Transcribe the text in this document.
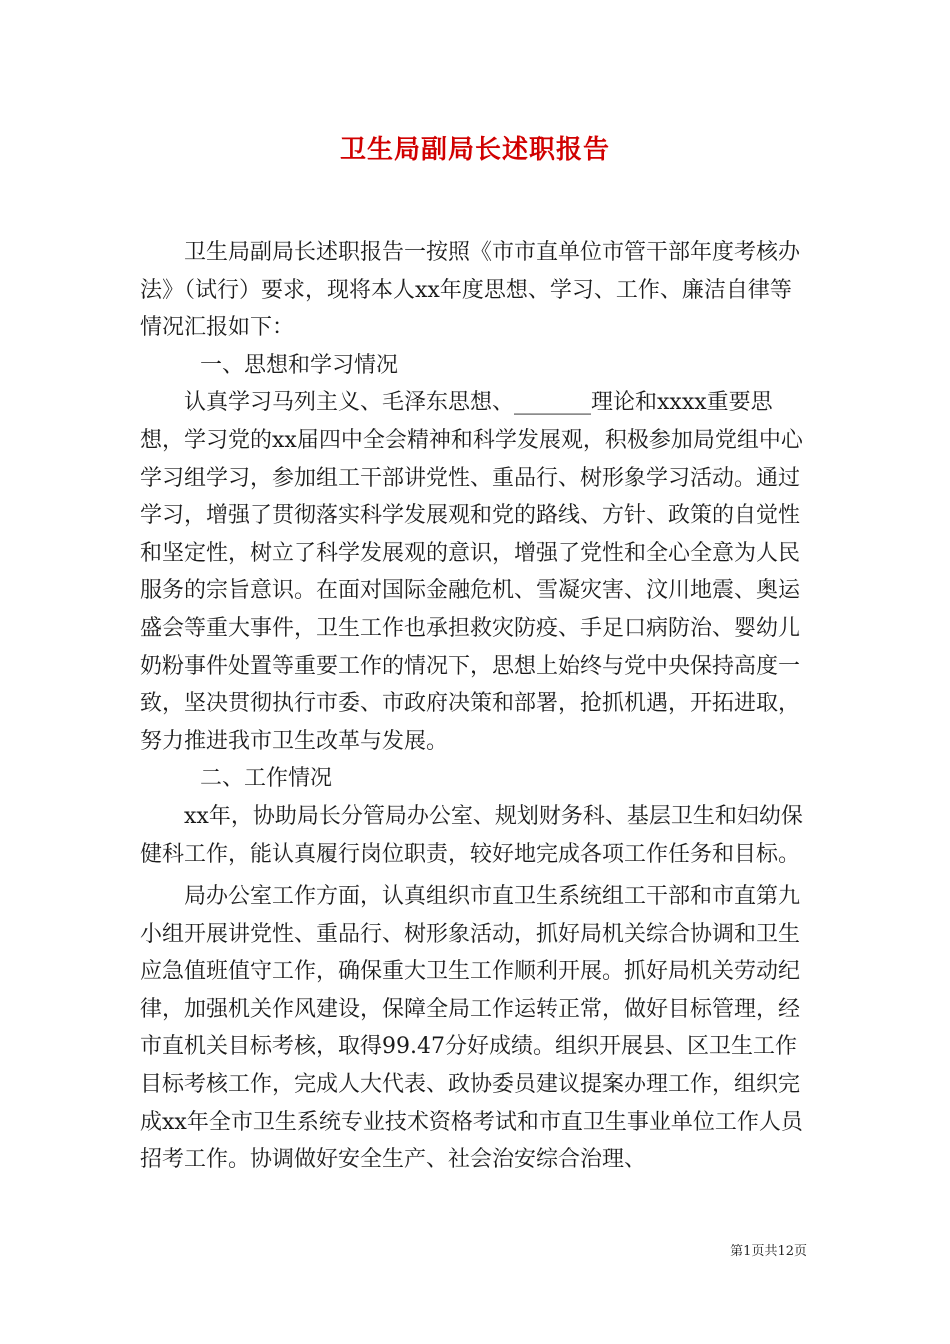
卫生局副局长述职报告

卫生局副局长述职报告一按照《市市直单位市管干部年度考核办法》（试行）要求，现将本人xx年度思想、学习、工作、廉洁自律等情况汇报如下：

一、思想和学习情况

认真学习马列主义、毛泽东思想、_______理论和xxxx重要思想，学习党的xx届四中全会精神和科学发展观，积极参加局党组中心学习组学习，参加组工干部讲党性、重品行、树形象学习活动。通过学习，增强了贯彻落实科学发展观和党的路线、方针、政策的自觉性和坚定性，树立了科学发展观的意识，增强了党性和全心全意为人民服务的宗旨意识。在面对国际金融危机、雪凝灾害、汶川地震、奥运盛会等重大事件，卫生工作也承担救灾防疫、手足口病防治、婴幼儿奶粉事件处置等重要工作的情况下，思想上始终与党中央保持高度一致，坚决贯彻执行市委、市政府决策和部署，抢抓机遇，开拓进取，努力推进我市卫生改革与发展。

二、工作情况

xx年，协助局长分管局办公室、规划财务科、基层卫生和妇幼保健科工作，能认真履行岗位职责，较好地完成各项工作任务和目标。

局办公室工作方面，认真组织市直卫生系统组工干部和市直第九小组开展讲党性、重品行、树形象活动，抓好局机关综合协调和卫生应急值班值守工作，确保重大卫生工作顺利开展。抓好局机关劳动纪律，加强机关作风建设，保障全局工作运转正常，做好目标管理，经市直机关目标考核，取得99.47分好成绩。组织开展县、区卫生工作目标考核工作，完成人大代表、政协委员建议提案办理工作，组织完成xx年全市卫生系统专业技术资格考试和市直卫生事业单位工作人员招考工作。协调做好安全生产、社会治安综合治理、

第1页共12页
